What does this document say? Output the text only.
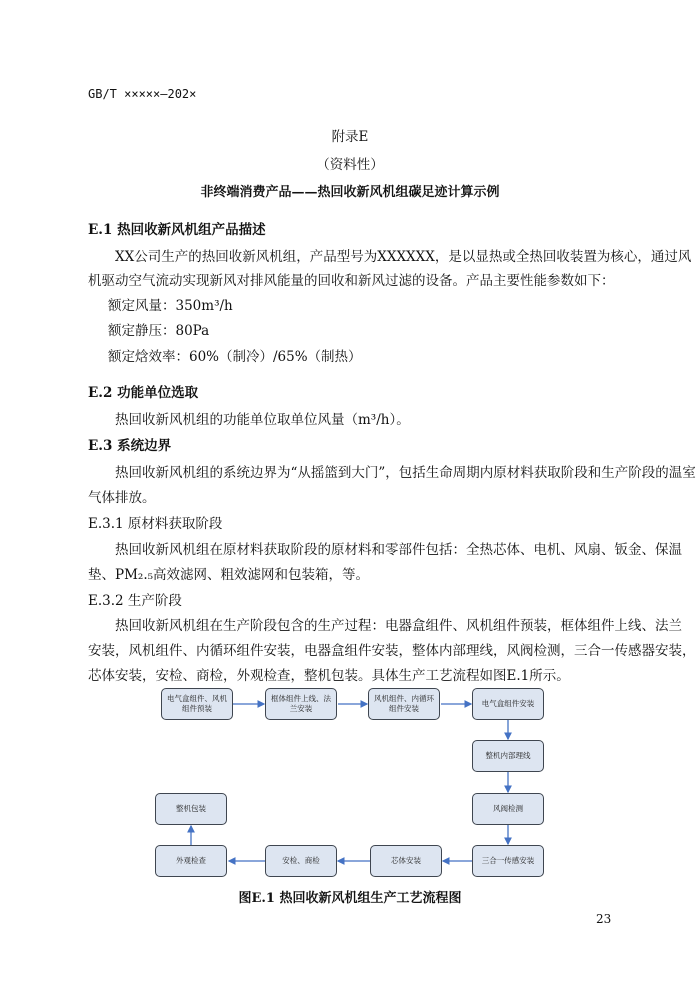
GB/T ×××××—202×
附录E
（资料性）
非终端消费产品——热回收新风机组碳足迹计算示例
E.1 热回收新风机组产品描述
XX公司生产的热回收新风机组，产品型号为XXXXXX，是以显热或全热回收装置为核心，通过风
机驱动空气流动实现新风对排风能量的回收和新风过滤的设备。产品主要性能参数如下：
额定风量：350m³/h
额定静压：80Pa
额定焓效率：60%（制冷）/65%（制热）
E.2 功能单位选取
热回收新风机组的功能单位取单位风量（m³/h）。
E.3 系统边界
热回收新风机组的系统边界为“从摇篮到大门”，包括生命周期内原材料获取阶段和生产阶段的温室
气体排放。
E.3.1 原材料获取阶段
热回收新风机组在原材料获取阶段的原材料和零部件包括：全热芯体、电机、风扇、钣金、保温
垫、PM₂.₅高效滤网、粗效滤网和包装箱，等。
E.3.2 生产阶段
热回收新风机组在生产阶段包含的生产过程：电器盒组件、风机组件预装，框体组件上线、法兰
安装，风机组件、内循环组件安装，电器盒组件安装，整体内部理线，风阀检测，三合一传感器安装，
芯体安装，安检、商检，外观检查，整机包装。具体生产工艺流程如图E.1所示。
电气盒组件、风机组件预装
框体组件上线、法兰安装
风机组件、内循环组件安装
电气盒组件安装
整机内部理线
风阀检测
三合一传感安装
芯体安装
安检、商检
外观检查
整机包装
图E.1 热回收新风机组生产工艺流程图
23
